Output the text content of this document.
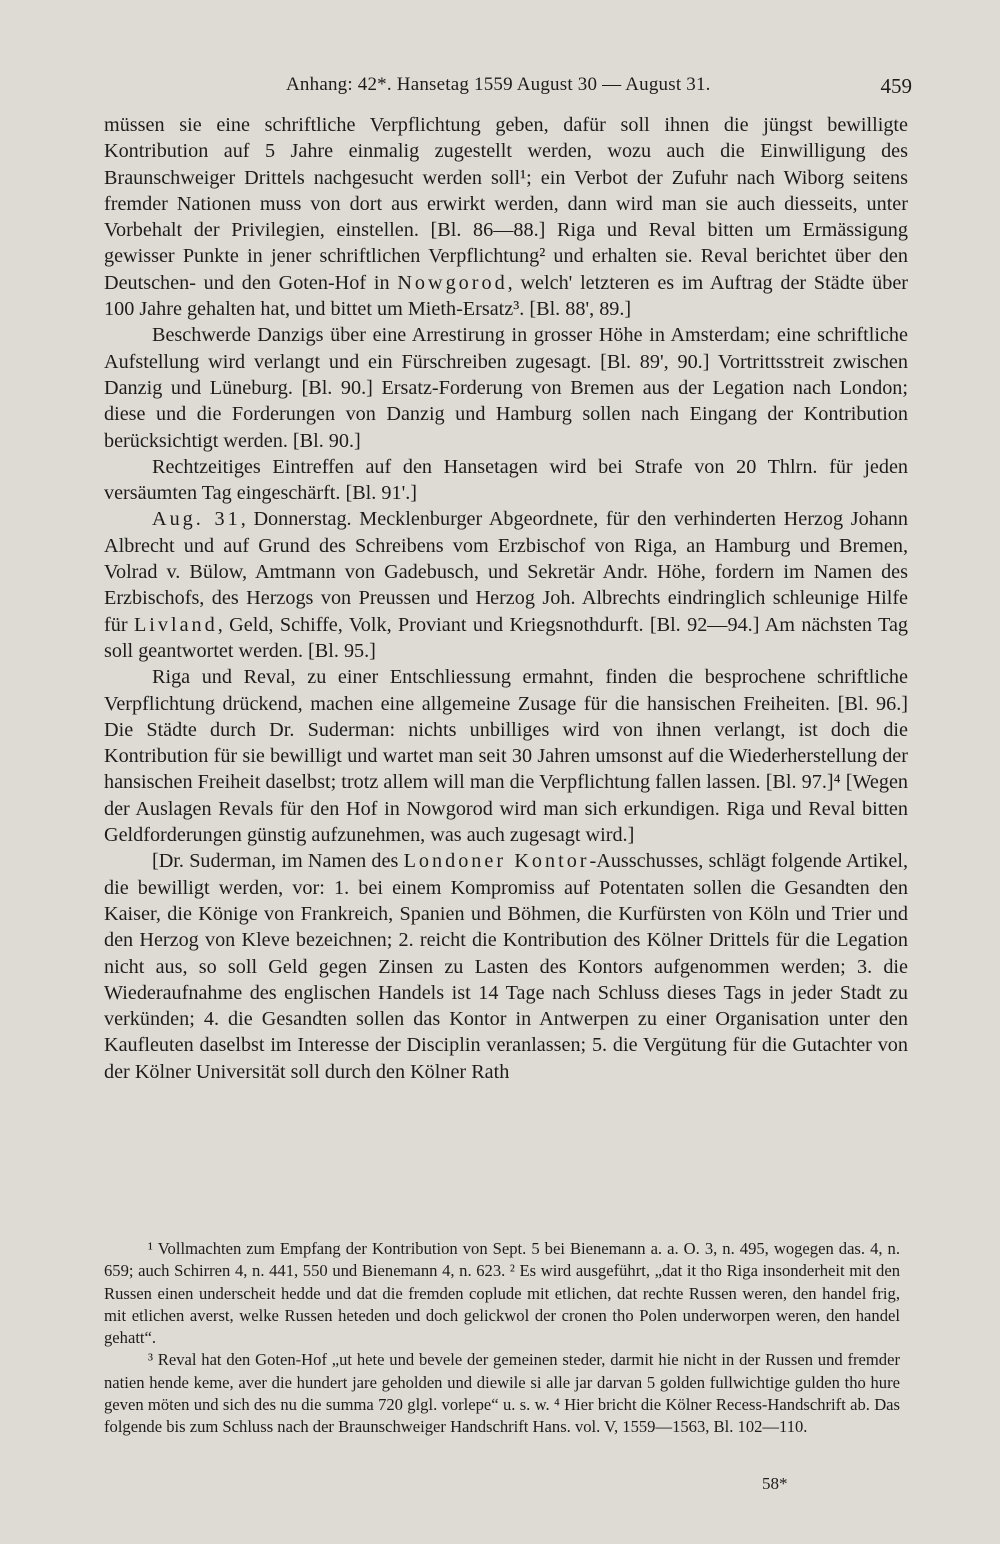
Anhang: 42*. Hansetag 1559 August 30 — August 31.	459

müssen sie eine schriftliche Verpflichtung geben, dafür soll ihnen die jüngst bewilligte Kontribution auf 5 Jahre einmalig zugestellt werden, wozu auch die Einwilligung des Braunschweiger Drittels nachgesucht werden soll¹; ein Verbot der Zufuhr nach Wiborg seitens fremder Nationen muss von dort aus erwirkt werden, dann wird man sie auch diesseits, unter Vorbehalt der Privilegien, einstellen. [Bl. 86—88.] Riga und Reval bitten um Ermässigung gewisser Punkte in jener schriftlichen Verpflichtung² und erhalten sie. Reval berichtet über den Deutschen- und den Goten-Hof in Nowgorod, welch' letzteren es im Auftrag der Städte über 100 Jahre gehalten hat, und bittet um Mieth-Ersatz³. [Bl. 88', 89.]

Beschwerde Danzigs über eine Arrestirung in grosser Höhe in Amsterdam; eine schriftliche Aufstellung wird verlangt und ein Fürschreiben zugesagt. [Bl. 89', 90.] Vortrittsstreit zwischen Danzig und Lüneburg. [Bl. 90.] Ersatz-Forderung von Bremen aus der Legation nach London; diese und die Forderungen von Danzig und Hamburg sollen nach Eingang der Kontribution berücksichtigt werden. [Bl. 90.]

Rechtzeitiges Eintreffen auf den Hansetagen wird bei Strafe von 20 Thlrn. für jeden versäumten Tag eingeschärft. [Bl. 91'.]

Aug. 31, Donnerstag. Mecklenburger Abgeordnete, für den verhinderten Herzog Johann Albrecht und auf Grund des Schreibens vom Erzbischof von Riga, an Hamburg und Bremen, Volrad v. Bülow, Amtmann von Gadebusch, und Sekretär Andr. Höhe, fordern im Namen des Erzbischofs, des Herzogs von Preussen und Herzog Joh. Albrechts eindringlich schleunige Hilfe für Livland, Geld, Schiffe, Volk, Proviant und Kriegsnothdurft. [Bl. 92—94.] Am nächsten Tag soll geantwortet werden. [Bl. 95.]

Riga und Reval, zu einer Entschliessung ermahnt, finden die besprochene schriftliche Verpflichtung drückend, machen eine allgemeine Zusage für die hansischen Freiheiten. [Bl. 96.] Die Städte durch Dr. Suderman: nichts unbilliges wird von ihnen verlangt, ist doch die Kontribution für sie bewilligt und wartet man seit 30 Jahren umsonst auf die Wiederherstellung der hansischen Freiheit daselbst; trotz allem will man die Verpflichtung fallen lassen. [Bl. 97.]⁴ [Wegen der Auslagen Revals für den Hof in Nowgorod wird man sich erkundigen. Riga und Reval bitten Geldforderungen günstig aufzunehmen, was auch zugesagt wird.]

[Dr. Suderman, im Namen des Londoner Kontor-Ausschusses, schlägt folgende Artikel, die bewilligt werden, vor: 1. bei einem Kompromiss auf Potentaten sollen die Gesandten den Kaiser, die Könige von Frankreich, Spanien und Böhmen, die Kurfürsten von Köln und Trier und den Herzog von Kleve bezeichnen; 2. reicht die Kontribution des Kölner Drittels für die Legation nicht aus, so soll Geld gegen Zinsen zu Lasten des Kontors aufgenommen werden; 3. die Wiederaufnahme des englischen Handels ist 14 Tage nach Schluss dieses Tags in jeder Stadt zu verkünden; 4. die Gesandten sollen das Kontor in Antwerpen zu einer Organisation unter den Kaufleuten daselbst im Interesse der Disciplin veranlassen; 5. die Vergütung für die Gutachter von der Kölner Universität soll durch den Kölner Rath

¹ Vollmachten zum Empfang der Kontribution von Sept. 5 bei Bienemann a. a. O. 3, n. 495, wogegen das. 4, n. 659; auch Schirren 4, n. 441, 550 und Bienemann 4, n. 623. ² Es wird ausgeführt, „dat it tho Riga insonderheit mit den Russen einen underscheit hedde und dat die fremden coplude mit etlichen, dat rechte Russen weren, den handel frig, mit etlichen averst, welke Russen heteden und doch gelickwol der cronen tho Polen underworpen weren, den handel gehatt“.

³ Reval hat den Goten-Hof „ut hete und bevele der gemeinen steder, darmit hie nicht in der Russen und fremder natien hende keme, aver die hundert jare geholden und diewile si alle jar darvan 5 golden fullwichtige gulden tho hure geven möten und sich des nu die summa 720 glgl. vorlepe“ u. s. w. ⁴ Hier bricht die Kölner Recess-Handschrift ab. Das folgende bis zum Schluss nach der Braunschweiger Handschrift Hans. vol. V, 1559—1563, Bl. 102—110.

58*
